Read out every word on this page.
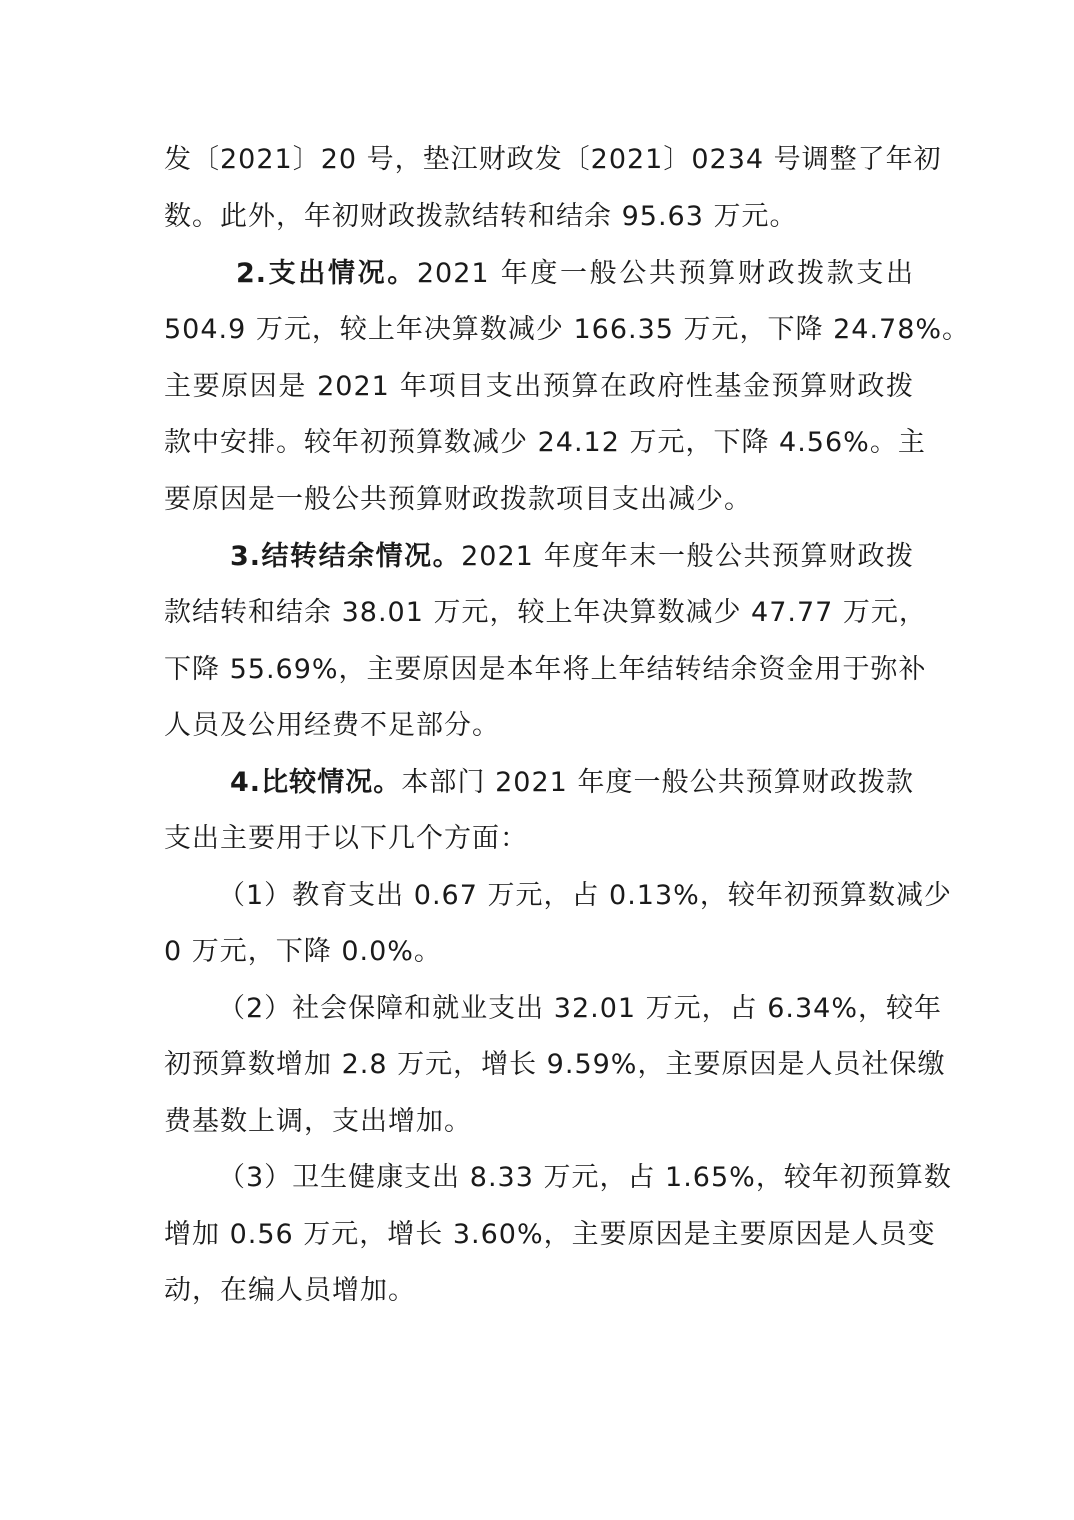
发〔2021〕20 号，垫江财政发〔2021〕0234 号调整了年初
数。此外，年初财政拨款结转和结余 95.63 万元。
2.支出情况。2021 年度一般公共预算财政拨款支出
504.9 万元，较上年决算数减少 166.35 万元，下降 24.78%。
主要原因是 2021 年项目支出预算在政府性基金预算财政拨
款中安排。较年初预算数减少 24.12 万元，下降 4.56%。主
要原因是一般公共预算财政拨款项目支出减少。
3.结转结余情况。2021 年度年末一般公共预算财政拨
款结转和结余 38.01 万元，较上年决算数减少 47.77 万元，
下降 55.69%，主要原因是本年将上年结转结余资金用于弥补
人员及公用经费不足部分。
4.比较情况。本部门 2021 年度一般公共预算财政拨款
支出主要用于以下几个方面：
（1）教育支出 0.67 万元，占 0.13%，较年初预算数减少
0 万元，下降 0.0%。
（2）社会保障和就业支出 32.01 万元，占 6.34%，较年
初预算数增加 2.8 万元，增长 9.59%，主要原因是人员社保缴
费基数上调，支出增加。
（3）卫生健康支出 8.33 万元，占 1.65%，较年初预算数
增加 0.56 万元，增长 3.60%，主要原因是主要原因是人员变
动，在编人员增加。
